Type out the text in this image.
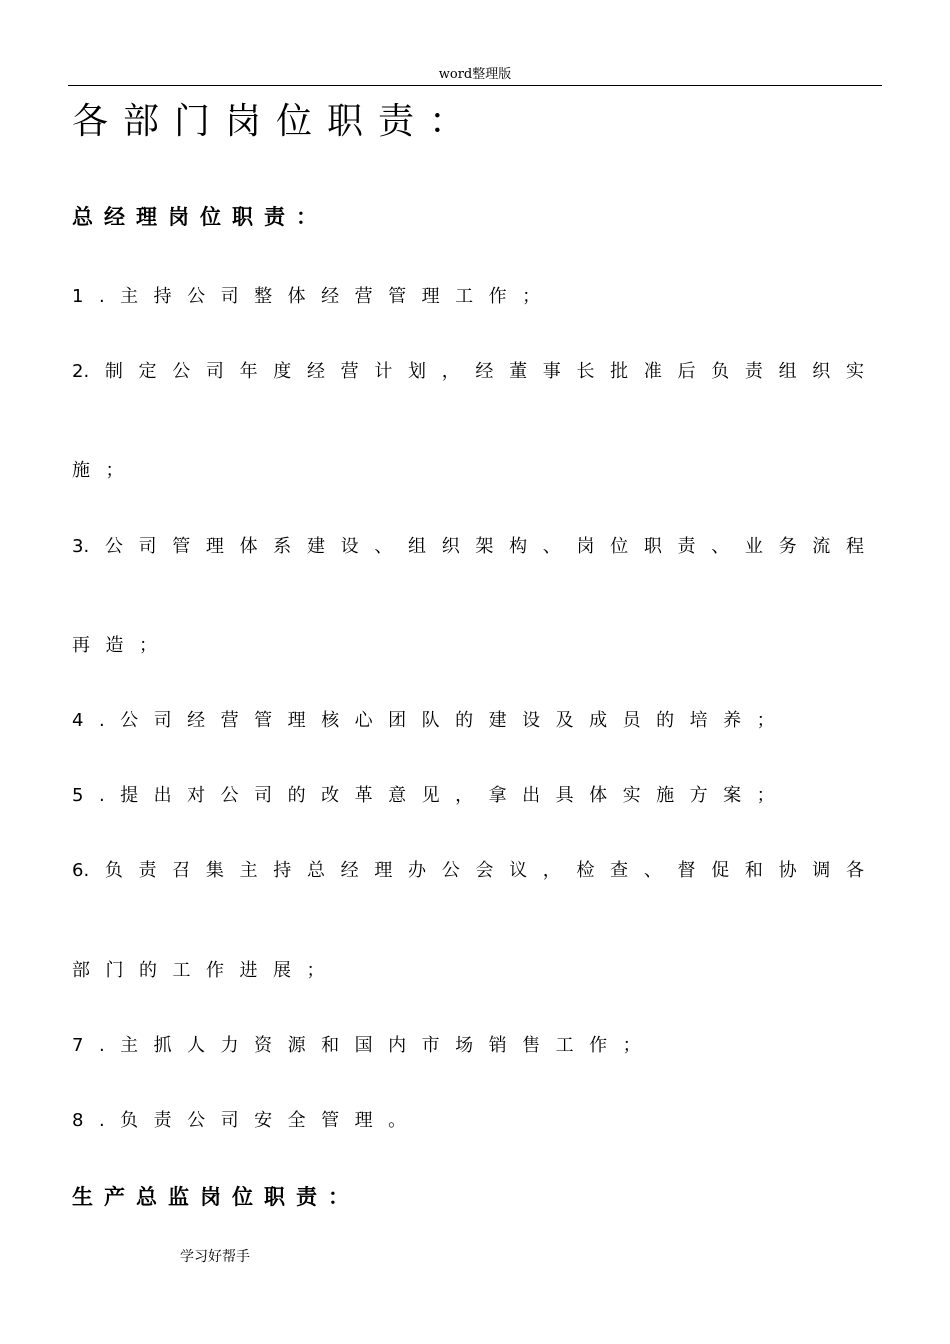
word整理版
各部门岗位职责：
总经理岗位职责：
1.主持公司整体经营管理工作；
2.制定公司年度经营计划，经董事长批准后负责组织实
施；
3.公司管理体系建设、组织架构、岗位职责、业务流程
再造；
4.公司经营管理核心团队的建设及成员的培养；
5.提出对公司的改革意见，拿出具体实施方案；
6.负责召集主持总经理办公会议，检查、督促和协调各
部门的工作进展；
7.主抓人力资源和国内市场销售工作；
8.负责公司安全管理。
生产总监岗位职责：
学习好帮手
